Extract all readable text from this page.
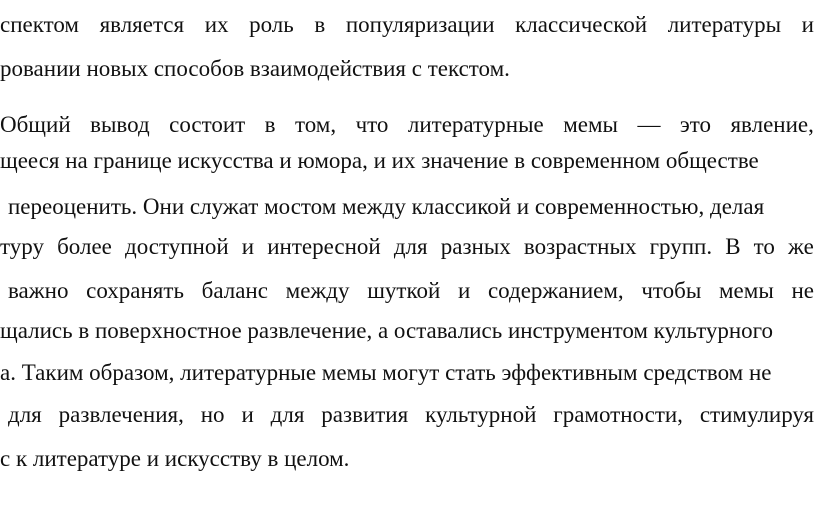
спектом является их роль в популяризации классической литературы и
ровании новых способов взаимодействия с текстом.
Общий вывод состоит в том, что литературные мемы — это явление,
щееся на границе искусства и юмора, и их значение в современном обществе
переоценить. Они служат мостом между классикой и современностью, делая
туру более доступной и интересной для разных возрастных групп. В то же
важно сохранять баланс между шуткой и содержанием, чтобы мемы не
щались в поверхностное развлечение, а оставались инструментом культурного
а. Таким образом, литературные мемы могут стать эффективным средством не
для развлечения, но и для развития культурной грамотности, стимулируя
с к литературе и искусству в целом.
